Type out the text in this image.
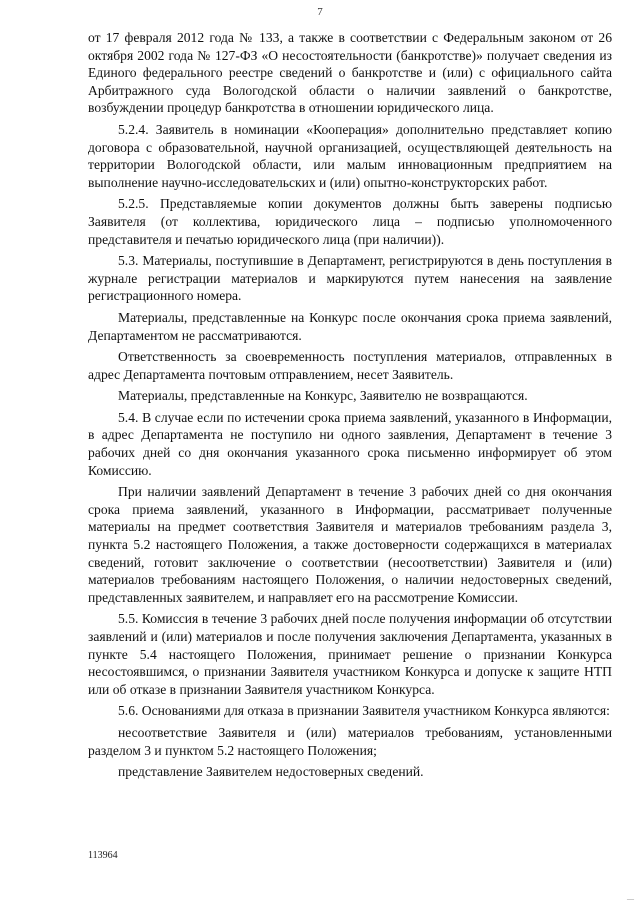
7

от 17 февраля 2012 года № 133, а также в соответствии с Федеральным законом от 26 октября 2002 года № 127-ФЗ «О несостоятельности (банкротстве)» получает сведения из Единого федерального реестре сведений о банкротстве и (или) с официального сайта Арбитражного суда Вологодской области о наличии заявлений о банкротстве, возбуждении процедур банкротства в отношении юридического лица.

5.2.4. Заявитель в номинации «Кооперация» дополнительно представляет копию договора с образовательной, научной организацией, осуществляющей деятельность на территории Вологодской области, или малым инновационным предприятием на выполнение научно-исследовательских и (или) опытно-конструкторских работ.

5.2.5. Представляемые копии документов должны быть заверены подписью Заявителя (от коллектива, юридического лица – подписью уполномоченного представителя и печатью юридического лица (при наличии)).

5.3. Материалы, поступившие в Департамент, регистрируются в день поступления в журнале регистрации материалов и маркируются путем нанесения на заявление регистрационного номера.

Материалы, представленные на Конкурс после окончания срока приема заявлений, Департаментом не рассматриваются.

Ответственность за своевременность поступления материалов, отправленных в адрес Департамента почтовым отправлением, несет Заявитель.

Материалы, представленные на Конкурс, Заявителю не возвращаются.

5.4. В случае если по истечении срока приема заявлений, указанного в Информации, в адрес Департамента не поступило ни одного заявления, Департамент в течение 3 рабочих дней со дня окончания указанного срока письменно информирует об этом Комиссию.

При наличии заявлений Департамент в течение 3 рабочих дней со дня окончания срока приема заявлений, указанного в Информации, рассматривает полученные материалы на предмет соответствия Заявителя и материалов требованиям раздела 3, пункта 5.2 настоящего Положения, а также достоверности содержащихся в материалах сведений, готовит заключение о соответствии (несоответствии) Заявителя и (или) материалов требованиям настоящего Положения, о наличии недостоверных сведений, представленных заявителем, и направляет его на рассмотрение Комиссии.

5.5. Комиссия в течение 3 рабочих дней после получения информации об отсутствии заявлений и (или) материалов и после получения заключения Департамента, указанных в пункте 5.4 настоящего Положения, принимает решение о признании Конкурса несостоявшимся, о признании Заявителя участником Конкурса и допуске к защите НТП или об отказе в признании Заявителя участником Конкурса.

5.6. Основаниями для отказа в признании Заявителя участником Конкурса являются:

несоответствие Заявителя и (или) материалов требованиям, установленными разделом 3 и пунктом 5.2 настоящего Положения;

представление Заявителем недостоверных сведений.

113964
—
